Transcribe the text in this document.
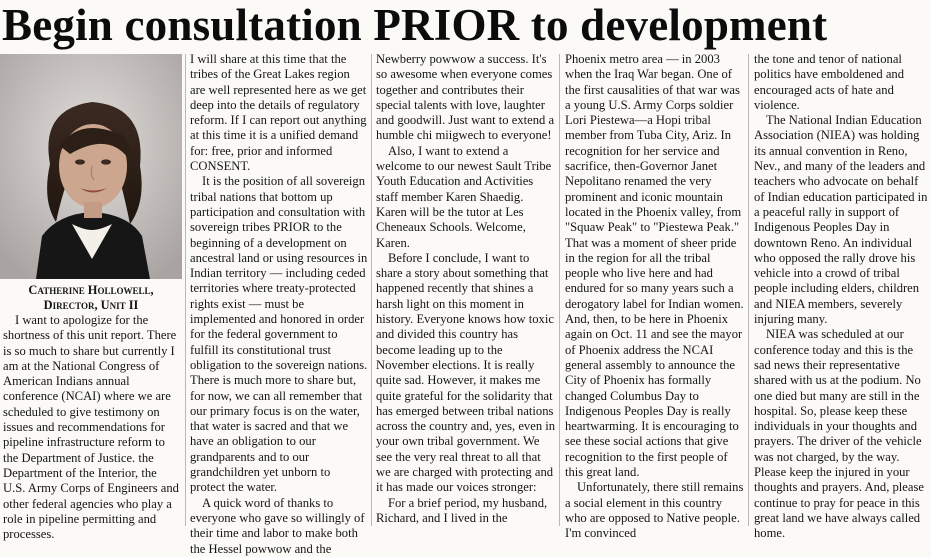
Begin consultation PRIOR to development
Catherine Hollowell,
Director, Unit II

I want to apologize for the shortness of this unit report. There is so much to share but currently I am at the National Congress of American Indians annual conference (NCAI) where we are scheduled to give testimony on issues and recommendations for pipeline infrastructure reform to the Department of Justice. the Department of the Interior, the U.S. Army Corps of Engineers and other federal agencies who play a role in pipeline permitting and processes.

I will share at this time that the tribes of the Great Lakes region are well represented here as we get deep into the details of regulatory reform. If I can report out anything at this time it is a unified demand for: free, prior and informed CONSENT.

It is the position of all sovereign tribal nations that bottom up participation and consultation with sovereign tribes PRIOR to the beginning of a development on ancestral land or using resources in Indian territory — including ceded territories where treaty-protected rights exist — must be implemented and honored in order for the federal government to fulfill its constitutional trust obligation to the sovereign nations. There is much more to share but, for now, we can all remember that our primary focus is on the water, that water is sacred and that we have an obligation to our grandparents and to our grandchildren yet unborn to protect the water.

A quick word of thanks to everyone who gave so willingly of their time and labor to make both the Hessel powwow and the

Newberry powwow a success. It's so awesome when everyone comes together and contributes their special talents with love, laughter and goodwill. Just want to extend a humble chi miigwech to everyone!

Also, I want to extend a welcome to our newest Sault Tribe Youth Education and Activities staff member Karen Shaedig. Karen will be the tutor at Les Cheneaux Schools. Welcome, Karen.

Before I conclude, I want to share a story about something that happened recently that shines a harsh light on this moment in history. Everyone knows how toxic and divided this country has become leading up to the November elections. It is really quite sad. However, it makes me quite grateful for the solidarity that has emerged between tribal nations across the country and, yes, even in your own tribal government. We see the very real threat to all that we are charged with protecting and it has made our voices stronger:

For a brief period, my husband, Richard, and I lived in the

Phoenix metro area — in 2003 when the Iraq War began. One of the first causalities of that war was a young U.S. Army Corps soldier Lori Piestewa—a Hopi tribal member from Tuba City, Ariz. In recognition for her service and sacrifice, then-Governor Janet Nepolitano renamed the very prominent and iconic mountain located in the Phoenix valley, from "Squaw Peak" to "Piestewa Peak." That was a moment of sheer pride in the region for all the tribal people who live here and had endured for so many years such a derogatory label for Indian women. And, then, to be here in Phoenix again on Oct. 11 and see the mayor of Phoenix address the NCAI general assembly to announce the City of Phoenix has formally changed Columbus Day to Indigenous Peoples Day is really heartwarming. It is encouraging to see these social actions that give recognition to the first people of this great land.

Unfortunately, there still remains a social element in this country who are opposed to Native people. I'm convinced

the tone and tenor of national politics have emboldened and encouraged acts of hate and violence.

The National Indian Education Association (NIEA) was holding its annual convention in Reno, Nev., and many of the leaders and teachers who advocate on behalf of Indian education participated in a peaceful rally in support of Indigenous Peoples Day in downtown Reno. An individual who opposed the rally drove his vehicle into a crowd of tribal people including elders, children and NIEA members, severely injuring many.

NIEA was scheduled at our conference today and this is the sad news their representative shared with us at the podium. No one died but many are still in the hospital. So, please keep these individuals in your thoughts and prayers. The driver of the vehicle was not charged, by the way. Please keep the injured in your thoughts and prayers. And, please continue to pray for peace in this great land we have always called home.
